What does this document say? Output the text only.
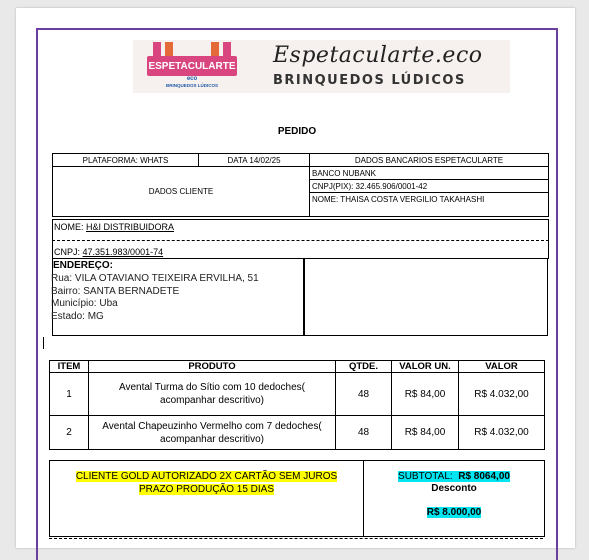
ESPETACULARTE
eco
BRINQUEDOS LÚDICOS
Espetacularte.eco
BRINQUEDOS LÚDICOS
PEDIDO
PLATAFORMA: WHATS	DATA 14/02/25	DADOS BANCARIOS ESPETACULARTE
DADOS CLIENTE		BANCO NUBANK
		CNPJ(PIX): 32.465.906/0001-42
		NOME: THAISA COSTA VERGILIO TAKAHASHI
NOME: H&I DISTRIBUIDORA
CNPJ: 47.351.983/0001-74
ENDEREÇO:
Rua: VILA OTAVIANO TEIXEIRA ERVILHA, 51
Bairro: SANTA BERNADETE
Município: Uba
Estado: MG
ITEM	PRODUTO	QTDE.	VALOR UN.	VALOR
1	Avental Turma do Sítio com 10 dedoches( acompanhar descritivo)	48	R$ 84,00	R$ 4.032,00
2	Avental Chapeuzinho Vermelho com 7 dedoches( acompanhar descritivo)	48	R$ 84,00	R$ 4.032,00
CLIENTE GOLD AUTORIZADO 2X CARTÃO SEM JUROS
PRAZO PRODUÇÃO 15 DIAS
SUBTOTAL: R$ 8064,00
Desconto
R$ 8.000,00
